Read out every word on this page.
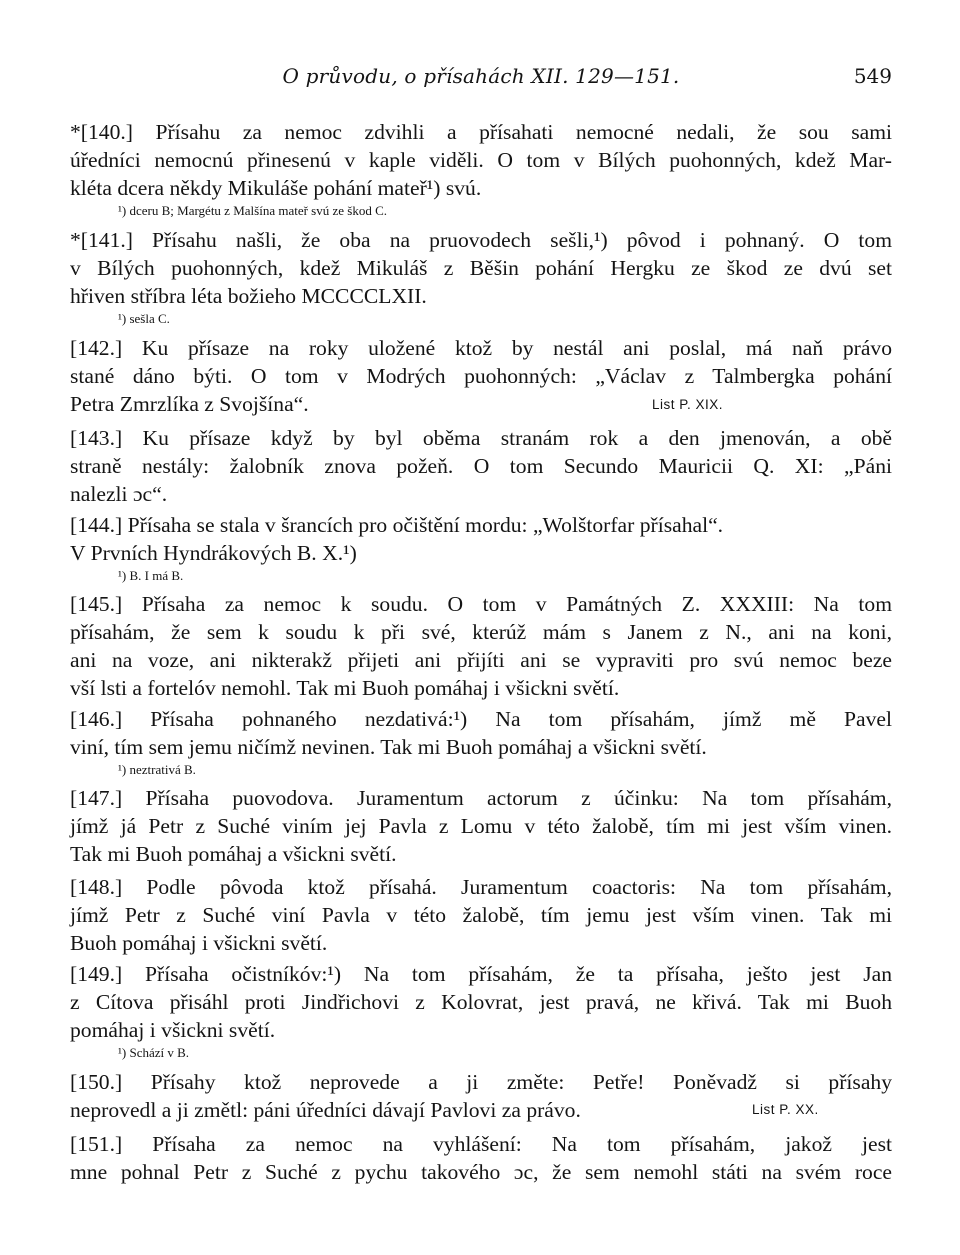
O průvodu, o přísahách XII. 129—151.	549
*[140.] Přísahu za nemoc zdvihli a přísahati nemocné nedali, že sou sami
úředníci nemocnú přinesenú v kaple viděli. O tom v Bílých puohonných, kdež Mar-
kléta dcera někdy Mikuláše pohání mateř¹) svú.
¹) dceru B; Margétu z Malšína mateř svú ze škod C.
*[141.] Přísahu našli, že oba na pruovodech sešli,¹) pôvod i pohnaný. O tom
v Bílých puohonných, kdež Mikuláš z Běšin pohání Hergku ze škod ze dvú set
hřiven stříbra léta božieho MCCCCLXII.
¹) sešla C.
[142.] Ku přísaze na roky uložené ktož by nestál ani poslal, má naň právo
stané dáno býti. O tom v Modrých puohonných: „Václav z Talmbergka pohání
Petra Zmrzlíka z Svojšína“.	List P. XIX.
[143.] Ku přísaze když by byl oběma stranám rok a den jmenován, a obě
straně nestály: žalobník znova požeň. O tom Secundo Mauricii Q. XI: „Páni
nalezli ɔc“.
[144.] Přísaha se stala v šrancích pro očištění mordu: „Wolštorfar přísahal“.
V Prvních Hyndrákových B. X.¹)
¹) B. I má B.
[145.] Přísaha za nemoc k soudu. O tom v Památných Z. XXXIII: Na tom
přísahám, že sem k soudu k při své, kterúž mám s Janem z N., ani na koni,
ani na voze, ani nikterakž přijeti ani přijíti ani se vypraviti pro svú nemoc beze
vší lsti a fortelóv nemohl. Tak mi Buoh pomáhaj i všickni světí.
[146.] Přísaha pohnaného nezdativá:¹) Na tom přísahám, jímž mě Pavel
viní, tím sem jemu ničímž nevinen. Tak mi Buoh pomáhaj a všickni světí.
¹) neztrativá B.
[147.] Přísaha puovodova. Juramentum actorum z účinku: Na tom přísahám,
jímž já Petr z Suché viním jej Pavla z Lomu v této žalobě, tím mi jest vším vinen.
Tak mi Buoh pomáhaj a všickni světí.
[148.] Podle pôvoda ktož přísahá. Juramentum coactoris: Na tom přísahám,
jímž Petr z Suché viní Pavla v této žalobě, tím jemu jest vším vinen. Tak mi
Buoh pomáhaj i všickni světí.
[149.] Přísaha očistníkóv:¹) Na tom přísahám, že ta přísaha, ješto jest Jan
z Cítova přisáhl proti Jindřichovi z Kolovrat, jest pravá, ne křivá. Tak mi Buoh
pomáhaj i všickni světí.
¹) Schází v B.
[150.] Přísahy ktož neprovede a ji změte: Petře! Poněvadž si přísahy
neprovedl a ji změtl: páni úředníci dávají Pavlovi za právo.	List P. XX.
[151.] Přísaha za nemoc na vyhlášení: Na tom přísahám, jakož jest
mne pohnal Petr z Suché z pychu takového ɔc, že sem nemohl státi na svém roce
